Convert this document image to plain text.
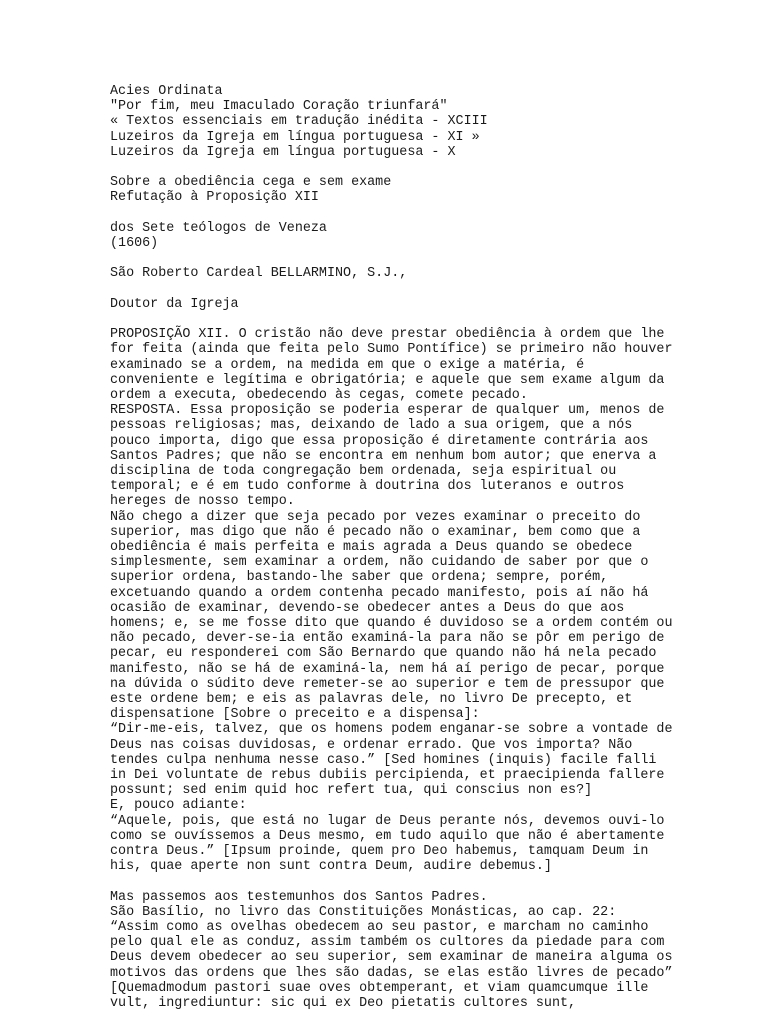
Acies Ordinata
"Por fim, meu Imaculado Coração triunfará"
« Textos essenciais em tradução inédita - XCIII
Luzeiros da Igreja em língua portuguesa - XI »
Luzeiros da Igreja em língua portuguesa - X
Sobre a obediência cega e sem exame
Refutação à Proposição XII
dos Sete teólogos de Veneza
(1606)
São Roberto Cardeal BELLARMINO, S.J.,
Doutor da Igreja
PROPOSIÇÃO XII. O cristão não deve prestar obediência à ordem que lhe
for feita (ainda que feita pelo Sumo Pontífice) se primeiro não houver
examinado se a ordem, na medida em que o exige a matéria, é
conveniente e legítima e obrigatória; e aquele que sem exame algum da
ordem a executa, obedecendo às cegas, comete pecado.
RESPOSTA. Essa proposição se poderia esperar de qualquer um, menos de
pessoas religiosas; mas, deixando de lado a sua origem, que a nós
pouco importa, digo que essa proposição é diretamente contrária aos
Santos Padres; que não se encontra em nenhum bom autor; que enerva a
disciplina de toda congregação bem ordenada, seja espiritual ou
temporal; e é em tudo conforme à doutrina dos luteranos e outros
hereges de nosso tempo.
Não chego a dizer que seja pecado por vezes examinar o preceito do
superior, mas digo que não é pecado não o examinar, bem como que a
obediência é mais perfeita e mais agrada a Deus quando se obedece
simplesmente, sem examinar a ordem, não cuidando de saber por que o
superior ordena, bastando-lhe saber que ordena; sempre, porém,
excetuando quando a ordem contenha pecado manifesto, pois aí não há
ocasião de examinar, devendo-se obedecer antes a Deus do que aos
homens; e, se me fosse dito que quando é duvidoso se a ordem contém ou
não pecado, dever-se-ia então examiná-la para não se pôr em perigo de
pecar, eu responderei com São Bernardo que quando não há nela pecado
manifesto, não se há de examiná-la, nem há aí perigo de pecar, porque
na dúvida o súdito deve remeter-se ao superior e tem de pressupor que
este ordene bem; e eis as palavras dele, no livro De precepto, et
dispensatione [Sobre o preceito e a dispensa]:
“Dir-me-eis, talvez, que os homens podem enganar-se sobre a vontade de
Deus nas coisas duvidosas, e ordenar errado. Que vos importa? Não
tendes culpa nenhuma nesse caso.” [Sed homines (inquis) facile falli
in Dei voluntate de rebus dubiis percipienda, et praecipienda fallere
possunt; sed enim quid hoc refert tua, qui conscius non es?]
E, pouco adiante:
“Aquele, pois, que está no lugar de Deus perante nós, devemos ouvi-lo
como se ouvíssemos a Deus mesmo, em tudo aquilo que não é abertamente
contra Deus.” [Ipsum proinde, quem pro Deo habemus, tamquam Deum in
his, quae aperte non sunt contra Deum, audire debemus.]
Mas passemos aos testemunhos dos Santos Padres.
São Basílio, no livro das Constituições Monásticas, ao cap. 22:
“Assim como as ovelhas obedecem ao seu pastor, e marcham no caminho
pelo qual ele as conduz, assim também os cultores da piedade para com
Deus devem obedecer ao seu superior, sem examinar de maneira alguma os
motivos das ordens que lhes são dadas, se elas estão livres de pecado”
[Quemadmodum pastori suae oves obtemperant, et viam quamcumque ille
vult, ingrediuntur: sic qui ex Deo pietatis cultores sunt,
